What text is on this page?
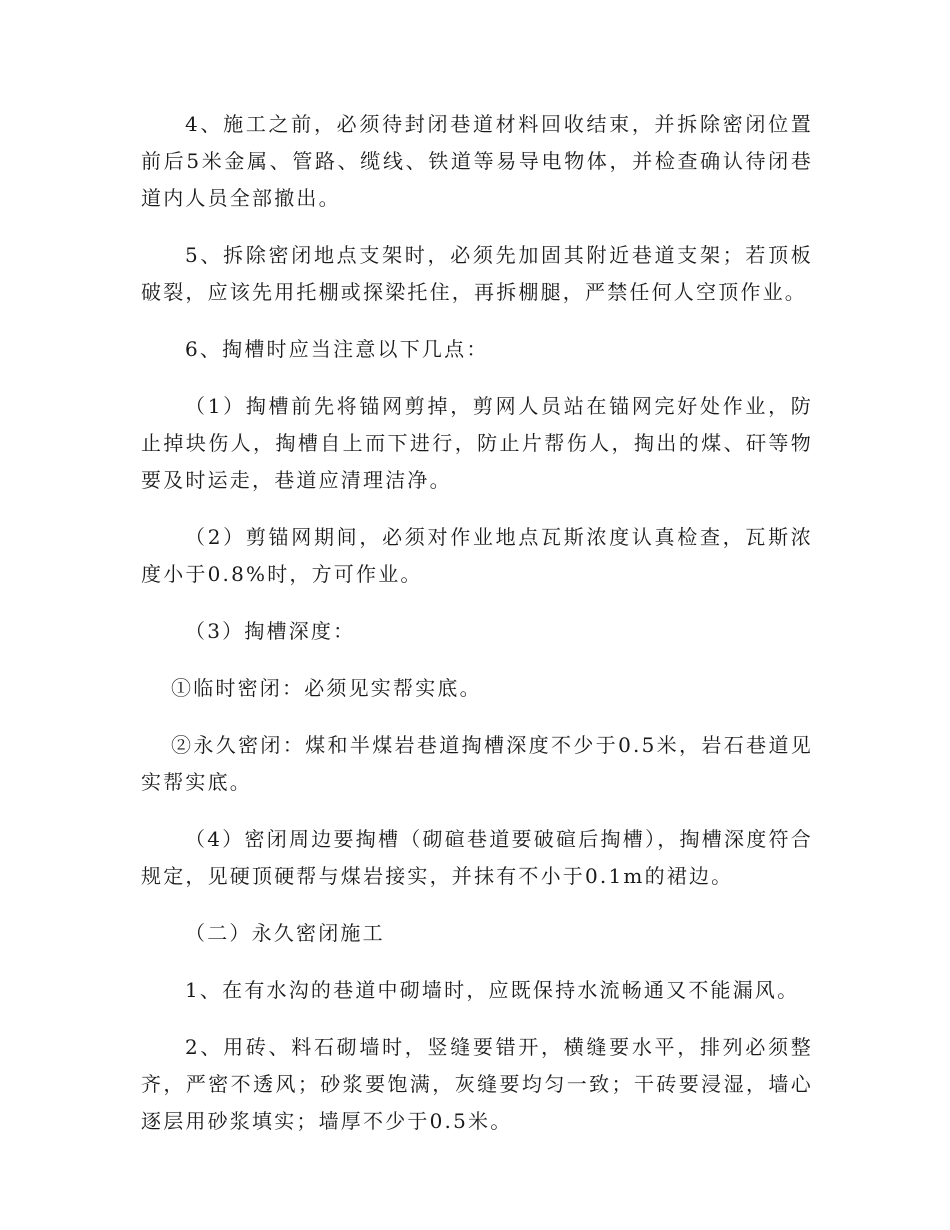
4、施工之前，必须待封闭巷道材料回收结束，并拆除密闭位置前后5米金属、管路、缆线、铁道等易导电物体，并检查确认待闭巷道内人员全部撤出。

5、拆除密闭地点支架时，必须先加固其附近巷道支架；若顶板破裂，应该先用托棚或探梁托住，再拆棚腿，严禁任何人空顶作业。

6、掏槽时应当注意以下几点：

（1）掏槽前先将锚网剪掉，剪网人员站在锚网完好处作业，防止掉块伤人，掏槽自上而下进行，防止片帮伤人，掏出的煤、矸等物要及时运走，巷道应清理洁净。

（2）剪锚网期间，必须对作业地点瓦斯浓度认真检查，瓦斯浓度小于0.8%时，方可作业。

（3）掏槽深度：

①临时密闭：必须见实帮实底。

②永久密闭：煤和半煤岩巷道掏槽深度不少于0.5米，岩石巷道见实帮实底。

（4）密闭周边要掏槽（砌碹巷道要破碹后掏槽），掏槽深度符合规定，见硬顶硬帮与煤岩接实，并抹有不小于0.1m的裙边。

（二）永久密闭施工

1、在有水沟的巷道中砌墙时，应既保持水流畅通又不能漏风。

2、用砖、料石砌墙时，竖缝要错开，横缝要水平，排列必须整齐，严密不透风；砂浆要饱满，灰缝要均匀一致；干砖要浸湿，墙心逐层用砂浆填实；墙厚不少于0.5米。
